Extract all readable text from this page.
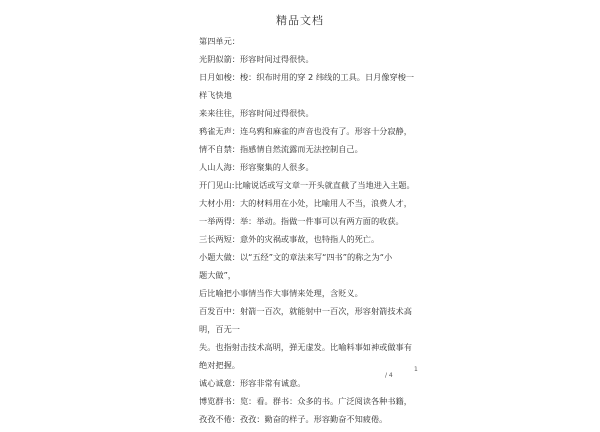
精品文档
第四单元：
光阴似箭：形容时间过得很快。
日月如梭：梭：织布时用的穿 2 纬线的工具。日月像穿梭一
样飞快地
来来往往，形容时间过得很快。
鸦雀无声：连乌鸦和麻雀的声音也没有了。形容十分寂静，
情不自禁：指感情自然流露而无法控制自己。
人山人海：形容聚集的人很多。
开门见山:比喻说话或写文章一开头就直截了当地进入主题。
大材小用：大的材料用在小处，比喻用人不当，浪费人才，
一举两得：举：举动。指做一件事可以有两方面的收获。
三长两短：意外的灾祸或事故，也特指人的死亡。
小题大做：以“五经”文的章法来写“四书”的称之为“小
题大做”，
后比喻把小事情当作大事情来处理，含贬义。
百发百中：射箭一百次，就能射中一百次，形容射箭技术高
明，百无一
失。也指射击技术高明，弹无虚发。比喻料事如神或做事有
绝对把握。
诚心诚意：形容非常有诚意。
博览群书：览：看。群书：众多的书。广泛阅读各种书籍，
孜孜不倦：孜孜：勤奋的样子。形容勤奋不知疲倦。
/ 4
1
